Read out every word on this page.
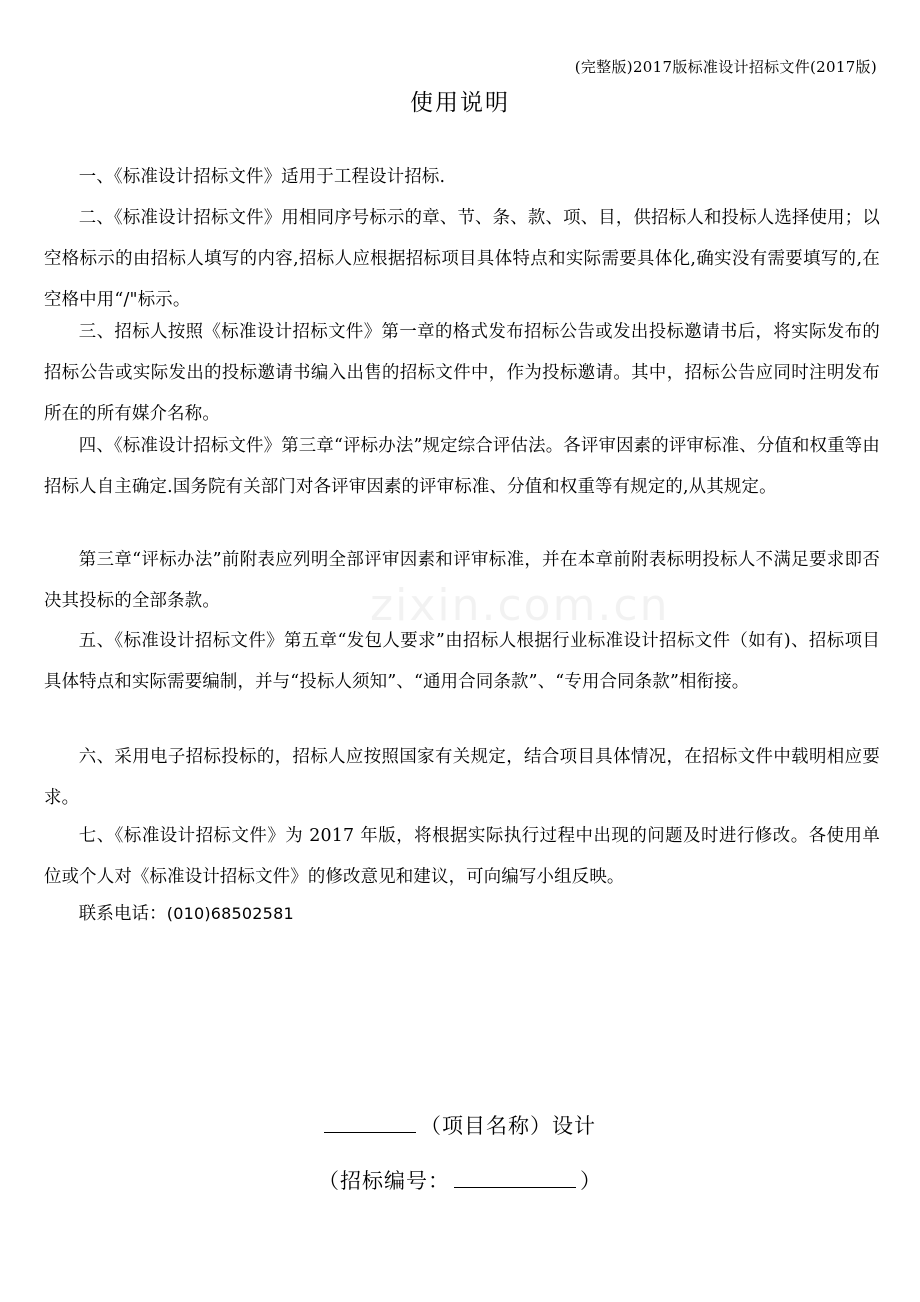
(完整版)2017版标准设计招标文件(2017版)
使用说明
zixin.com.cn
一、《标准设计招标文件》适用于工程设计招标.
二、《标准设计招标文件》用相同序号标示的章、节、条、款、项、目，供招标人和投标人选择使用；以空格标示的由招标人填写的内容,招标人应根据招标项目具体特点和实际需要具体化,确实没有需要填写的,在空格中用“/"标示。
三、招标人按照《标准设计招标文件》第一章的格式发布招标公告或发出投标邀请书后，将实际发布的招标公告或实际发出的投标邀请书编入出售的招标文件中，作为投标邀请。其中，招标公告应同时注明发布所在的所有媒介名称。
四、《标准设计招标文件》第三章“评标办法”规定综合评估法。各评审因素的评审标准、分值和权重等由招标人自主确定.国务院有关部门对各评审因素的评审标准、分值和权重等有规定的,从其规定。
第三章“评标办法”前附表应列明全部评审因素和评审标准，并在本章前附表标明投标人不满足要求即否决其投标的全部条款。
五、《标准设计招标文件》第五章“发包人要求”由招标人根据行业标准设计招标文件（如有)、招标项目具体特点和实际需要编制，并与“投标人须知”、“通用合同条款”、“专用合同条款”相衔接。
六、采用电子招标投标的，招标人应按照国家有关规定，结合项目具体情况，在招标文件中载明相应要求。
七、《标准设计招标文件》为 2017 年版，将根据实际执行过程中出现的问题及时进行修改。各使用单位或个人对《标准设计招标文件》的修改意见和建议，可向编写小组反映。
联系电话：(010)68502581
（项目名称）设计
（招标编号：	）
